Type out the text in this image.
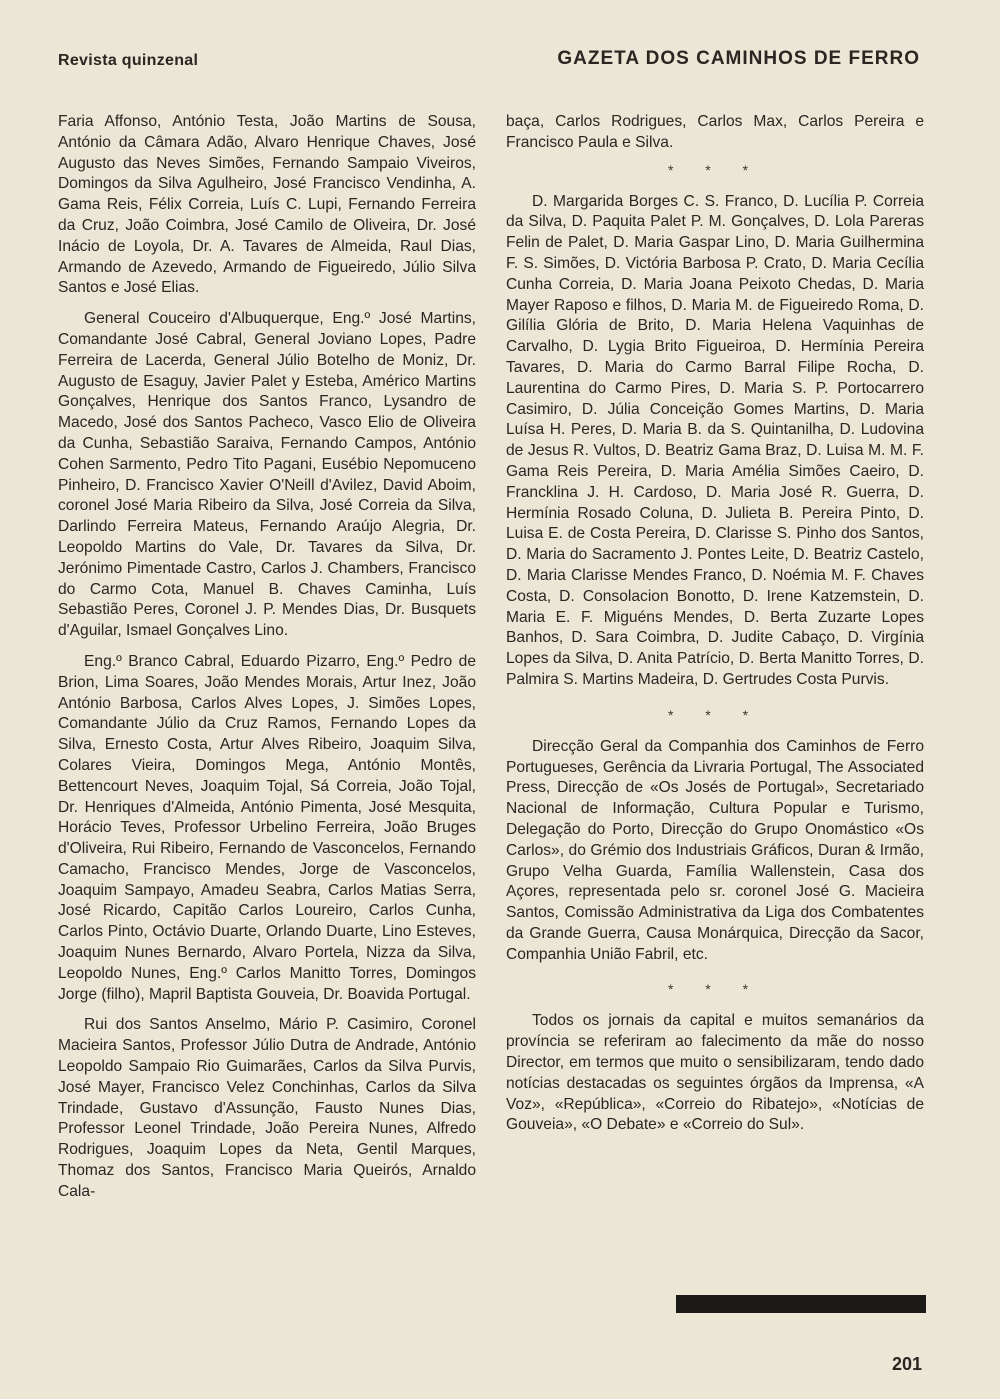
Revista quinzenal	GAZETA DOS CAMINHOS DE FERRO

Faria Affonso, António Testa, João Martins de Sousa, António da Câmara Adão, Alvaro Henrique Chaves, José Augusto das Neves Simões, Fernando Sampaio Viveiros, Domingos da Silva Agulheiro, José Francisco Vendinha, A. Gama Reis, Félix Correia, Luís C. Lupi, Fernando Ferreira da Cruz, João Coimbra, José Camilo de Oliveira, Dr. José Inácio de Loyola, Dr. A. Tavares de Almeida, Raul Dias, Armando de Azevedo, Armando de Figueiredo, Júlio Silva Santos e José Elias.

General Couceiro d'Albuquerque, Eng.º José Martins, Comandante José Cabral, General Joviano Lopes, Padre Ferreira de Lacerda, General Júlio Botelho de Moniz, Dr. Augusto de Esaguy, Javier Palet y Esteba, Américo Martins Gonçalves, Henrique dos Santos Franco, Lysandro de Macedo, José dos Santos Pacheco, Vasco Elio de Oliveira da Cunha, Sebastião Saraiva, Fernando Campos, António Cohen Sarmento, Pedro Tito Pagani, Eusébio Nepomuceno Pinheiro, D. Francisco Xavier O'Neill d'Avilez, David Aboim, coronel José Maria Ribeiro da Silva, José Correia da Silva, Darlindo Ferreira Mateus, Fernando Araújo Alegria, Dr. Leopoldo Martins do Vale, Dr. Tavares da Silva, Dr. Jerónimo Pimentade Castro, Carlos J. Chambers, Francisco do Carmo Cota, Manuel B. Chaves Caminha, Luís Sebastião Peres, Coronel J. P. Mendes Dias, Dr. Busquets d'Aguilar, Ismael Gonçalves Lino.

Eng.º Branco Cabral, Eduardo Pizarro, Eng.º Pedro de Brion, Lima Soares, João Mendes Morais, Artur Inez, João António Barbosa, Carlos Alves Lopes, J. Simões Lopes, Comandante Júlio da Cruz Ramos, Fernando Lopes da Silva, Ernesto Costa, Artur Alves Ribeiro, Joaquim Silva, Colares Vieira, Domingos Mega, António Montês, Bettencourt Neves, Joaquim Tojal, Sá Correia, João Tojal, Dr. Henriques d'Almeida, António Pimenta, José Mesquita, Horácio Teves, Professor Urbelino Ferreira, João Bruges d'Oliveira, Rui Ribeiro, Fernando de Vasconcelos, Fernando Camacho, Francisco Mendes, Jorge de Vasconcelos, Joaquim Sampayo, Amadeu Seabra, Carlos Matias Serra, José Ricardo, Capitão Carlos Loureiro, Carlos Cunha, Carlos Pinto, Octávio Duarte, Orlando Duarte, Lino Esteves, Joaquim Nunes Bernardo, Alvaro Portela, Nizza da Silva, Leopoldo Nunes, Eng.º Carlos Manitto Torres, Domingos Jorge (filho), Mapril Baptista Gouveia, Dr. Boavida Portugal.

Rui dos Santos Anselmo, Mário P. Casimiro, Coronel Macieira Santos, Professor Júlio Dutra de Andrade, António Leopoldo Sampaio Rio Guimarães, Carlos da Silva Purvis, José Mayer, Francisco Velez Conchinhas, Carlos da Silva Trindade, Gustavo d'Assunção, Fausto Nunes Dias, Professor Leonel Trindade, João Pereira Nunes, Alfredo Rodrigues, Joaquim Lopes da Neta, Gentil Marques, Thomaz dos Santos, Francisco Maria Queirós, Arnaldo Cala-

baça, Carlos Rodrigues, Carlos Max, Carlos Pereira e Francisco Paula e Silva.

* * *

D. Margarida Borges C. S. Franco, D. Lucília P. Correia da Silva, D. Paquita Palet P. M. Gonçalves, D. Lola Pareras Felin de Palet, D. Maria Gaspar Lino, D. Maria Guilhermina F. S. Simões, D. Victória Barbosa P. Crato, D. Maria Cecília Cunha Correia, D. Maria Joana Peixoto Chedas, D. Maria Mayer Raposo e filhos, D. Maria M. de Figueiredo Roma, D. Gilília Glória de Brito, D. Maria Helena Vaquinhas de Carvalho, D. Lygia Brito Figueiroa, D. Hermínia Pereira Tavares, D. Maria do Carmo Barral Filipe Rocha, D. Laurentina do Carmo Pires, D. Maria S. P. Portocarrero Casimiro, D. Júlia Conceição Gomes Martins, D. Maria Luísa H. Peres, D. Maria B. da S. Quintanilha, D. Ludovina de Jesus R. Vultos, D. Beatriz Gama Braz, D. Luisa M. M. F. Gama Reis Pereira, D. Maria Amélia Simões Caeiro, D. Francklina J. H. Cardoso, D. Maria José R. Guerra, D. Hermínia Rosado Coluna, D. Julieta B. Pereira Pinto, D. Luisa E. de Costa Pereira, D. Clarisse S. Pinho dos Santos, D. Maria do Sacramento J. Pontes Leite, D. Beatriz Castelo, D. Maria Clarisse Mendes Franco, D. Noémia M. F. Chaves Costa, D. Consolacion Bonotto, D. Irene Katzemstein, D. Maria E. F. Miguéns Mendes, D. Berta Zuzarte Lopes Banhos, D. Sara Coimbra, D. Judite Cabaço, D. Virgínia Lopes da Silva, D. Anita Patrício, D. Berta Manitto Torres, D. Palmira S. Martins Madeira, D. Gertrudes Costa Purvis.

* * *

Direcção Geral da Companhia dos Caminhos de Ferro Portugueses, Gerência da Livraria Portugal, The Associated Press, Direcção de «Os Josés de Portugal», Secretariado Nacional de Informação, Cultura Popular e Turismo, Delegação do Porto, Direcção do Grupo Onomástico «Os Carlos», do Grémio dos Industriais Gráficos, Duran & Irmão, Grupo Velha Guarda, Família Wallenstein, Casa dos Açores, representada pelo sr. coronel José G. Macieira Santos, Comissão Administrativa da Liga dos Combatentes da Grande Guerra, Causa Monárquica, Direcção da Sacor, Companhia União Fabril, etc.

* * *

Todos os jornais da capital e muitos semanários da província se referiram ao falecimento da mãe do nosso Director, em termos que muito o sensibilizaram, tendo dado notícias destacadas os seguintes órgãos da Imprensa, «A Voz», «República», «Correio do Ribatejo», «Notícias de Gouveia», «O Debate» e «Correio do Sul».

201
